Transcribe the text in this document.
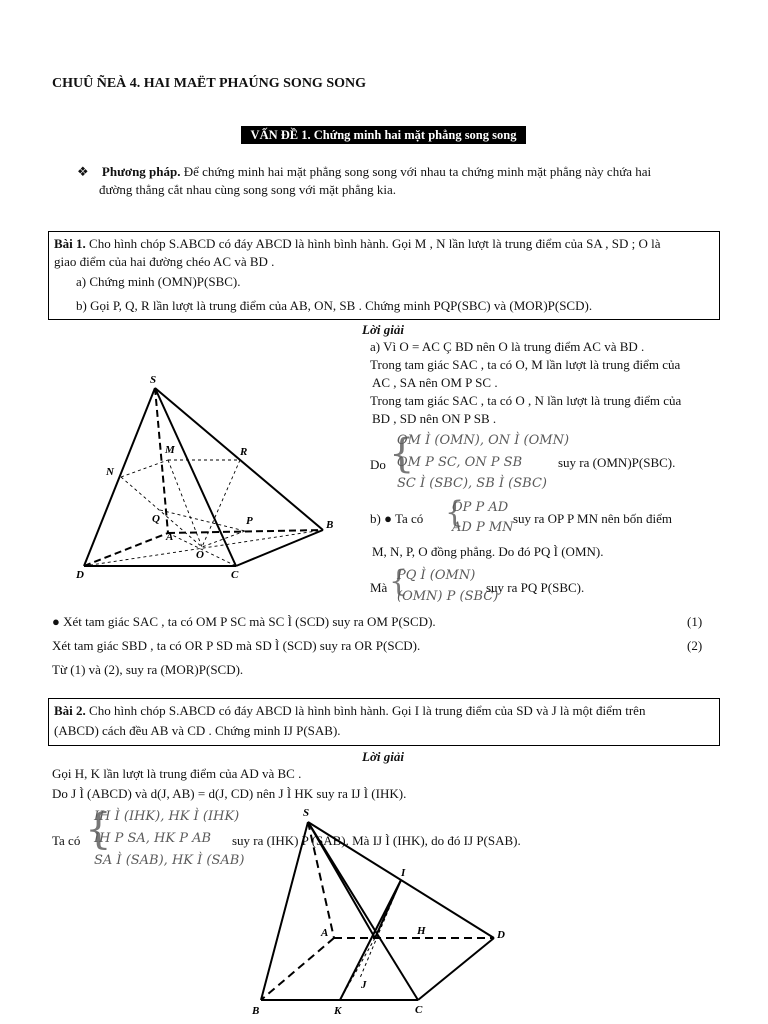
CHUÛ ÑEÀ 4. HAI MAËT PHAÚNG SONG SONG
VẤN ĐỀ 1. Chứng minh hai mặt phẳng song song
❖ Phương pháp. Để chứng minh hai mặt phẳng song song với nhau ta chứng minh mặt phẳng này chứa hai
đường thẳng cắt nhau cùng song song với mặt phẳng kia.
Bài 1. Cho hình chóp S.ABCD có đáy ABCD là hình bình hành. Gọi M , N lần lượt là trung điểm của SA , SD ; O là
giao điểm của hai đường chéo AC và BD .
a) Chứng minh (OMN)P(SBC).
b) Gọi P, Q, R lần lượt là trung điểm của AB, ON, SB . Chứng minh PQP(SBC) và (MOR)P(SCD).
Lời giải
a) Vì O = AC Ç BD nên O là trung điểm AC và BD .
Trong tam giác SAC , ta có O, M lần lượt là trung điểm của
AC , SA nên OM P SC .
Trong tam giác SAC , ta có O , N lần lượt là trung điểm của
BD , SD nên ON P SB .
Do {
OM Ì (OMN), ON Ì (OMN)
OM P SC, ON P SB
SC Ì (SBC), SB Ì (SBC)
suy ra (OMN)P(SBC).
b) ● Ta có {
OP P AD
AD P MN
suy ra OP P MN nên bốn điểm
M, N, P, O đồng phẳng. Do đó PQ Ì (OMN).
Mà {
PQ Ì (OMN)
(OMN) P (SBC)
suy ra PQ P(SBC).
● Xét tam giác SAC , ta có OM P SC mà SC Ì (SCD) suy ra OM P(SCD).	(1)
Xét tam giác SBD , ta có OR P SD mà SD Ì (SCD) suy ra OR P(SCD).	(2)
Từ (1) và (2), suy ra (MOR)P(SCD).
S
M	R
N
Q
A
P	B
O
D	C
Bài 2. Cho hình chóp S.ABCD có đáy ABCD là hình bình hành. Gọi I là trung điểm của SD và J là một điểm trên
(ABCD) cách đều AB và CD . Chứng minh IJ P(SAB).
Lời giải
Gọi H, K lần lượt là trung điểm của AD và BC .
Do J Ì (ABCD) và d(J, AB) = d(J, CD) nên J Ì HK suy ra IJ Ì (IHK).
Ta có {
IH Ì (IHK), HK Ì (IHK)
IH P SA, HK P AB
SA Ì (SAB), HK Ì (SAB)
suy ra (IHK) P (SAB). Mà IJ Ì (IHK), do đó IJ P(SAB).
S
I
A	H	D
J
B	K	C
